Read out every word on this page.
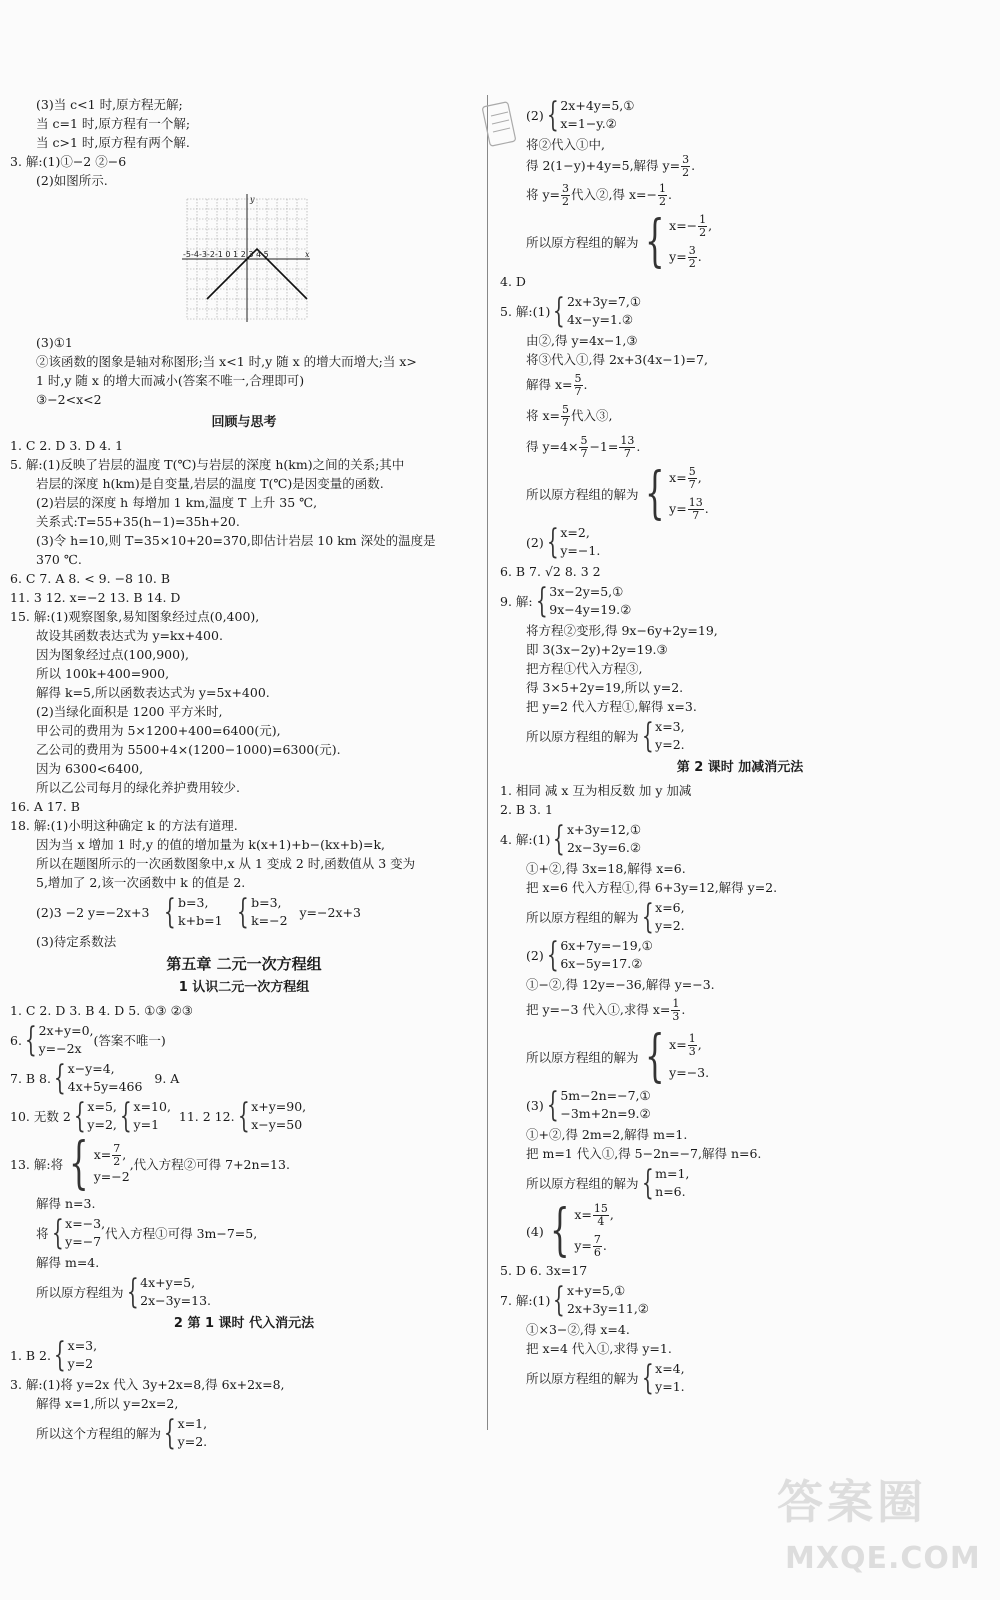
(3)当 c<1 时,原方程无解;
当 c=1 时,原方程有一个解;
当 c>1 时,原方程有两个解.
3. 解:(1)①−2 ②−6
(2)如图所示.
-5-4-3-2-1 0 1 2 3 4 5	x
y
(3)①1
②该函数的图象是轴对称图形;当 x<1 时,y 随 x 的增大而增大;当 x>
1 时,y 随 x 的增大而减小(答案不唯一,合理即可)
③−2<x<2
回顾与思考
1. C 2. D 3. D 4. 1
5. 解:(1)反映了岩层的温度 T(℃)与岩层的深度 h(km)之间的关系;其中
岩层的深度 h(km)是自变量,岩层的温度 T(℃)是因变量的函数.
(2)岩层的深度 h 每增加 1 km,温度 T 上升 35 ℃,
关系式:T=55+35(h−1)=35h+20.
(3)令 h=10,则 T=35×10+20=370,即估计岩层 10 km 深处的温度是
370 ℃.
6. C 7. A 8. < 9. −8 10. B
11. 3 12. x=−2 13. B 14. D
15. 解:(1)观察图象,易知图象经过点(0,400),
故设其函数表达式为 y=kx+400.
因为图象经过点(100,900),
所以 100k+400=900,
解得 k=5,所以函数表达式为 y=5x+400.
(2)当绿化面积是 1200 平方米时,
甲公司的费用为 5×1200+400=6400(元),
乙公司的费用为 5500+4×(1200−1000)=6300(元).
因为 6300<6400,
所以乙公司每月的绿化养护费用较少.
16. A 17. B
18. 解:(1)小明这种确定 k 的方法有道理.
因为当 x 增加 1 时,y 的值的增加量为 k(x+1)+b−(kx+b)=k,
所以在题图所示的一次函数图象中,x 从 1 变成 2 时,函数值从 3 变为
5,增加了 2,该一次函数中 k 的值是 2.
(2)3 −2 y=−2x+3
{ b=3,
k+b=1
{ b=3,
k=−2

y=−2x+3
(3)待定系数法
第五章 二元一次方程组
1 认识二元一次方程组
1. C 2. D 3. B 4. D 5. ①③ ②③
6. { 2x+y=0,
y=−2x
(答案不唯一)
7. B 8. { x−y=4,
4x+5y=466

9. A
10. 无数 2 { x=5,
y=2, { x=10,
y=1

11. 2 12. { x+y=90,
x−y=50
13. 解:将 { $x= \frac{7}{2}$ ,
y=−2
,代入方程②可得 7+2n=13.
解得 n=3.
将 { x=−3,
y=−7
代入方程①可得 3m−7=5,
解得 m=4.
所以原方程组为 { 4x+y=5,
2x−3y=13.
2 第 1 课时 代入消元法
1. B 2. { x=3,
y=2
3. 解:(1)将 y=2x 代入 3y+2x=8,得 6x+2x=8,
解得 x=1,所以 y=2x=2,
所以这个方程组的解为 { x=1,
y=2.
(2) { 2x+4y=5,①
x=1−y.②
将②代入①中,
得 2(1−y)+4y=5,解得 $y= \frac{3}{2}$ .
将 $y= \frac{3}{2}$ 代入②,得 $x=- \frac{1}{2}$ .
所以原方程组的解为 { $x=- \frac{1}{2}$ ,
$y= \frac{3}{2}$ .
4. D
5. 解:(1) { 2x+3y=7,①
4x−y=1.②
由②,得 y=4x−1,③
将③代入①,得 2x+3(4x−1)=7,
解得 $x= \frac{5}{7}$ .
将 $x= \frac{5}{7}$ 代入③,
得 $y=4\times \frac{5}{7} -1= \frac{13}{7}$ .
所以原方程组的解为 { $x= \frac{5}{7}$ ,
$y= \frac{13}{7}$ .
(2) { x=2,
y=−1.
6. B 7. √2 8. 3 2
9. 解: { 3x−2y=5,①
9x−4y=19.②
将方程②变形,得 9x−6y+2y=19,
即 3(3x−2y)+2y=19.③
把方程①代入方程③,
得 3×5+2y=19,所以 y=2.
把 y=2 代入方程①,解得 x=3.
所以原方程组的解为 { x=3,
y=2.
第 2 课时 加减消元法
1. 相同 减 x 互为相反数 加 y 加减
2. B 3. 1
4. 解:(1) { x+3y=12,①
2x−3y=6.②
①+②,得 3x=18,解得 x=6.
把 x=6 代入方程①,得 6+3y=12,解得 y=2.
所以原方程组的解为 { x=6,
y=2.
(2) { 6x+7y=−19,①
6x−5y=17.②
①−②,得 12y=−36,解得 y=−3.
把 y=−3 代入①,求得 $x= \frac{1}{3}$ .
所以原方程组的解为 { $x= \frac{1}{3}$ ,
y=−3.
(3) { 5m−2n=−7,①
−3m+2n=9.②
①+②,得 2m=2,解得 m=1.
把 m=1 代入①,得 5−2n=−7,解得 n=6.
所以原方程组的解为 { m=1,
n=6.
(4) { $x= \frac{15}{4}$ ,
$y= \frac{7}{6}$ .
5. D 6. 3x=17
7. 解:(1) { x+y=5,①
2x+3y=11,②
①×3−②,得 x=4.
把 x=4 代入①,求得 y=1.
所以原方程组的解为 { x=4,
y=1.
答案圈
MXQE.COM
